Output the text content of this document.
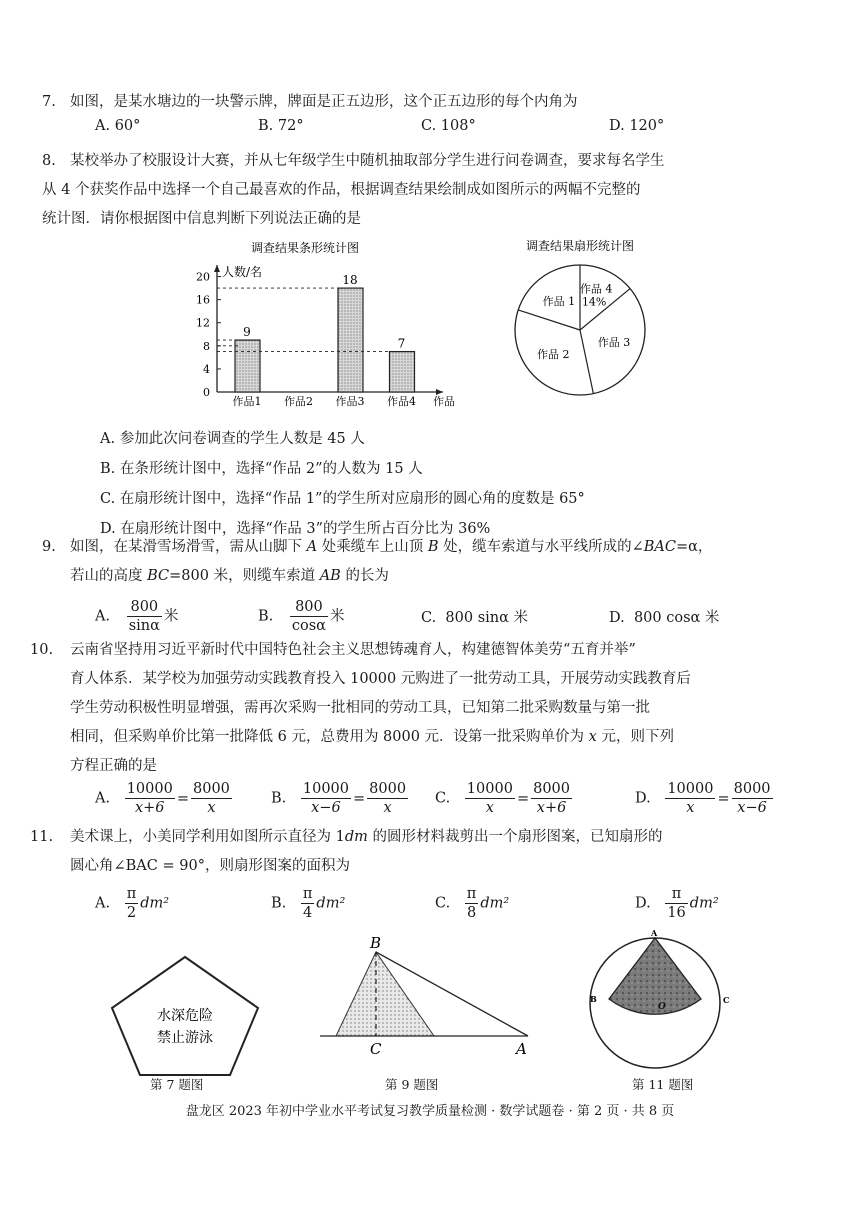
7. 如图，是某水塘边的一块警示牌，牌面是正五边形，这个正五边形的每个内角为
A. 60°	B. 72°	C. 108°	D. 120°
8. 某校举办了校服设计大赛，并从七年级学生中随机抽取部分学生进行问卷调查，要求每名学生
从 4 个获奖作品中选择一个自己最喜欢的作品，根据调查结果绘制成如图所示的两幅不完整的
统计图．请你根据图中信息判断下列说法正确的是
调查结果条形统计图
人数/名
作品
0
4
8
12
16
20
9
作品1 作品2
18
作品3
7
作品4
调查结果扇形统计图
作品 4
14%
作品 3
作品 2
作品 1
A. 参加此次问卷调查的学生人数是 45 人
B. 在条形统计图中，选择“作品 2”的人数为 15 人
C. 在扇形统计图中，选择“作品 1”的学生所对应扇形的圆心角的度数是 65°
D. 在扇形统计图中，选择“作品 3”的学生所占百分比为 36%
9. 如图，在某滑雪场滑雪，需从山脚下 A 处乘缆车上山顶 B 处，缆车索道与水平线所成的∠BAC=α，
若山的高度 BC=800 米，则缆车索道 AB 的长为
A. $\frac{800}{\sin\alpha}$ 米	B. $\frac{800}{\cos\alpha}$ 米	C. 800 sinα 米	D. 800 cosα 米
10. 云南省坚持用习近平新时代中国特色社会主义思想铸魂育人，构建德智体美劳“五育并举”
育人体系．某学校为加强劳动实践教育投入 10000 元购进了一批劳动工具，开展劳动实践教育后
学生劳动积极性明显增强，需再次采购一批相同的劳动工具，已知第二批采购数量与第一批
相同，但采购单价比第一批降低 6 元，总费用为 8000 元．设第一批采购单价为 x 元，则下列
方程正确的是
A. $\frac{10000}{x+6} = \frac{8000}{x}$	B. $\frac{10000}{x-6} = \frac{8000}{x} C$. $\frac{10000}{x} = \frac{8000}{x+6}$	D. $\frac{10000}{x} = \frac{8000}{x-6}$
11. 美术课上，小美同学利用如图所示直径为 1dm 的圆形材料裁剪出一个扇形图案，已知扇形的
圆心角∠BAC = 90°，则扇形图案的面积为
A. $\frac{\pi}{2} dm^2$	B. $\frac{\pi}{4} dm^2$	C. $\frac{\pi}{8} dm^2$	D. $\frac{\pi}{16} dm^2$
水深危险
禁止游泳
第 7 题图
B
C	A
第 9 题图
A
B	C
O
第 11 题图
盘龙区 2023 年初中学业水平考试复习教学质量检测 · 数学试题卷 · 第 2 页 · 共 8 页
